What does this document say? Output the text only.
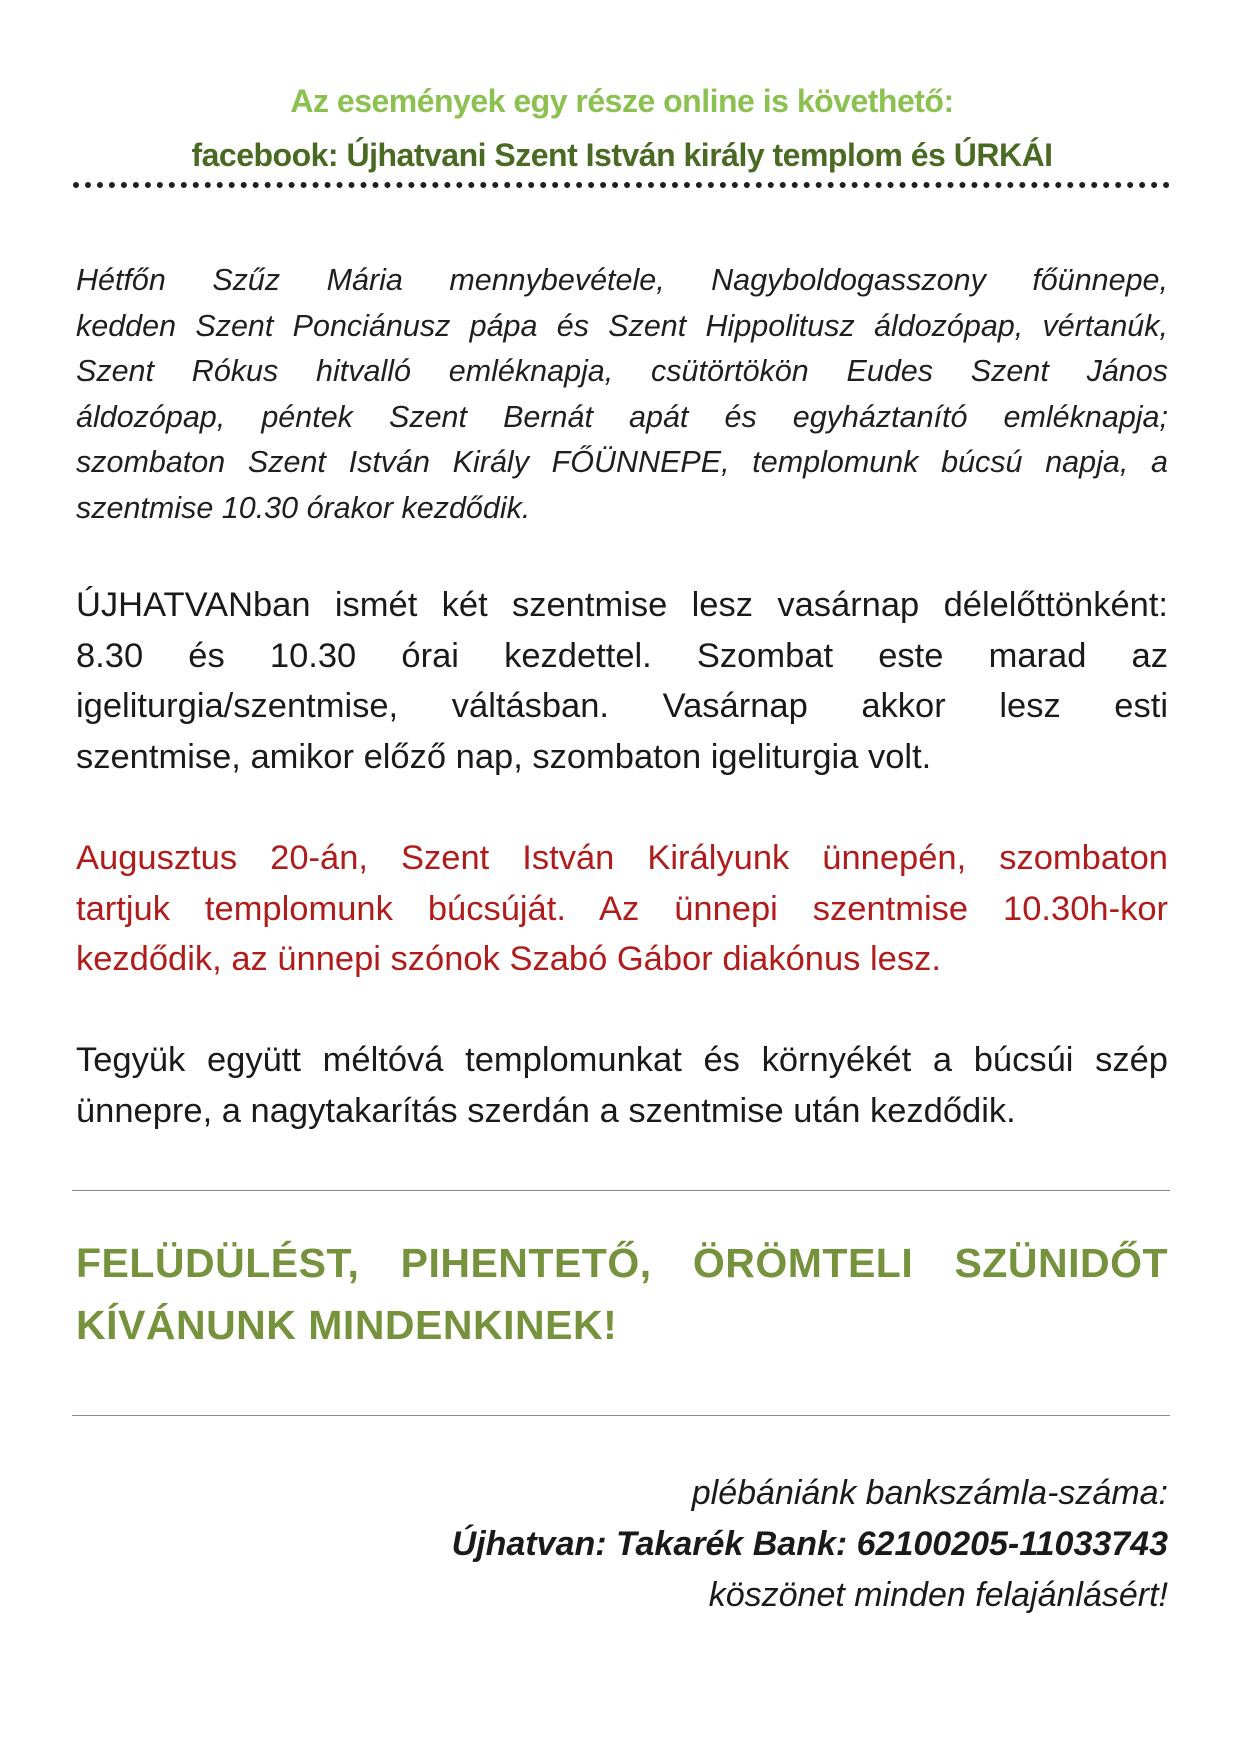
Az események egy része online is követhető:
facebook: Újhatvani Szent István király templom és ÚRKÁI
Hétfőn Szűz Mária mennybevétele, Nagyboldogasszony főünnepe,
kedden Szent Ponciánusz pápa és Szent Hippolitusz áldozópap, vértanúk,
Szent Rókus hitvalló emléknapja, csütörtökön Eudes Szent János
áldozópap, péntek Szent Bernát apát és egyháztanító emléknapja;
szombaton Szent István Király FŐÜNNEPE, templomunk búcsú napja, a
szentmise 10.30 órakor kezdődik.
ÚJHATVANban ismét két szentmise lesz vasárnap délelőttönként:
8.30 és 10.30 órai kezdettel. Szombat este marad az
igeliturgia/szentmise, váltásban. Vasárnap akkor lesz esti
szentmise, amikor előző nap, szombaton igeliturgia volt.
Augusztus 20-án, Szent István Királyunk ünnepén, szombaton
tartjuk templomunk búcsúját. Az ünnepi szentmise 10.30h-kor
kezdődik, az ünnepi szónok Szabó Gábor diakónus lesz.
Tegyük együtt méltóvá templomunkat és környékét a búcsúi szép
ünnepre, a nagytakarítás szerdán a szentmise után kezdődik.
FELÜDÜLÉST, PIHENTETŐ, ÖRÖMTELI SZÜNIDŐT
KÍVÁNUNK MINDENKINEK!
plébániánk bankszámla-száma:
Újhatvan: Takarék Bank: 62100205-11033743
köszönet minden felajánlásért!
